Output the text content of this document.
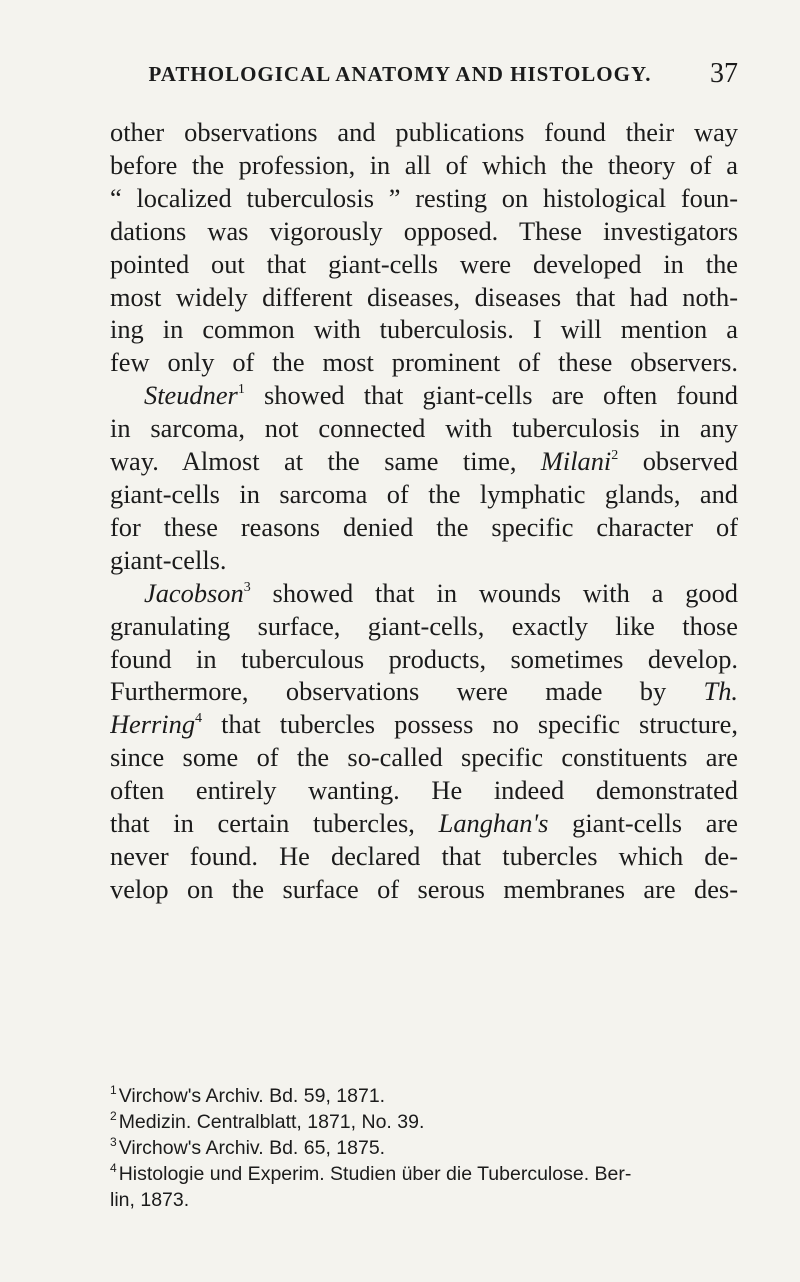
PATHOLOGICAL ANATOMY AND HISTOLOGY.	37
other observations and publications found their way
before the profession, in all of which the theory of a
“ localized tuberculosis ” resting on histological foun-
dations was vigorously opposed. These investigators
pointed out that giant-cells were developed in the
most widely different diseases, diseases that had noth-
ing in common with tuberculosis. I will mention a
few only of the most prominent of these observers.
Steudner$^1$ showed that giant-cells are often found
in sarcoma, not connected with tuberculosis in any
way. Almost at the same time, Milani$^2$ observed
giant-cells in sarcoma of the lymphatic glands, and
for these reasons denied the specific character of
giant-cells.
Jacobson$^3$ showed that in wounds with a good
granulating surface, giant-cells, exactly like those
found in tuberculous products, sometimes develop.
Furthermore, observations were made by Th.
Herring$^4$ that tubercles possess no specific structure,
since some of the so-called specific constituents are
often entirely wanting. He indeed demonstrated
that in certain tubercles, Langhan's giant-cells are
never found. He declared that tubercles which de-
velop on the surface of serous membranes are des-
$^1$ Virchow's Archiv. Bd. 59, 1871.
$^2$ Medizin. Centralblatt, 1871, No. 39.
$^3$ Virchow's Archiv. Bd. 65, 1875.
$^4$ Histologie und Experim. Studien über die Tuberculose. Ber-
lin, 1873.
